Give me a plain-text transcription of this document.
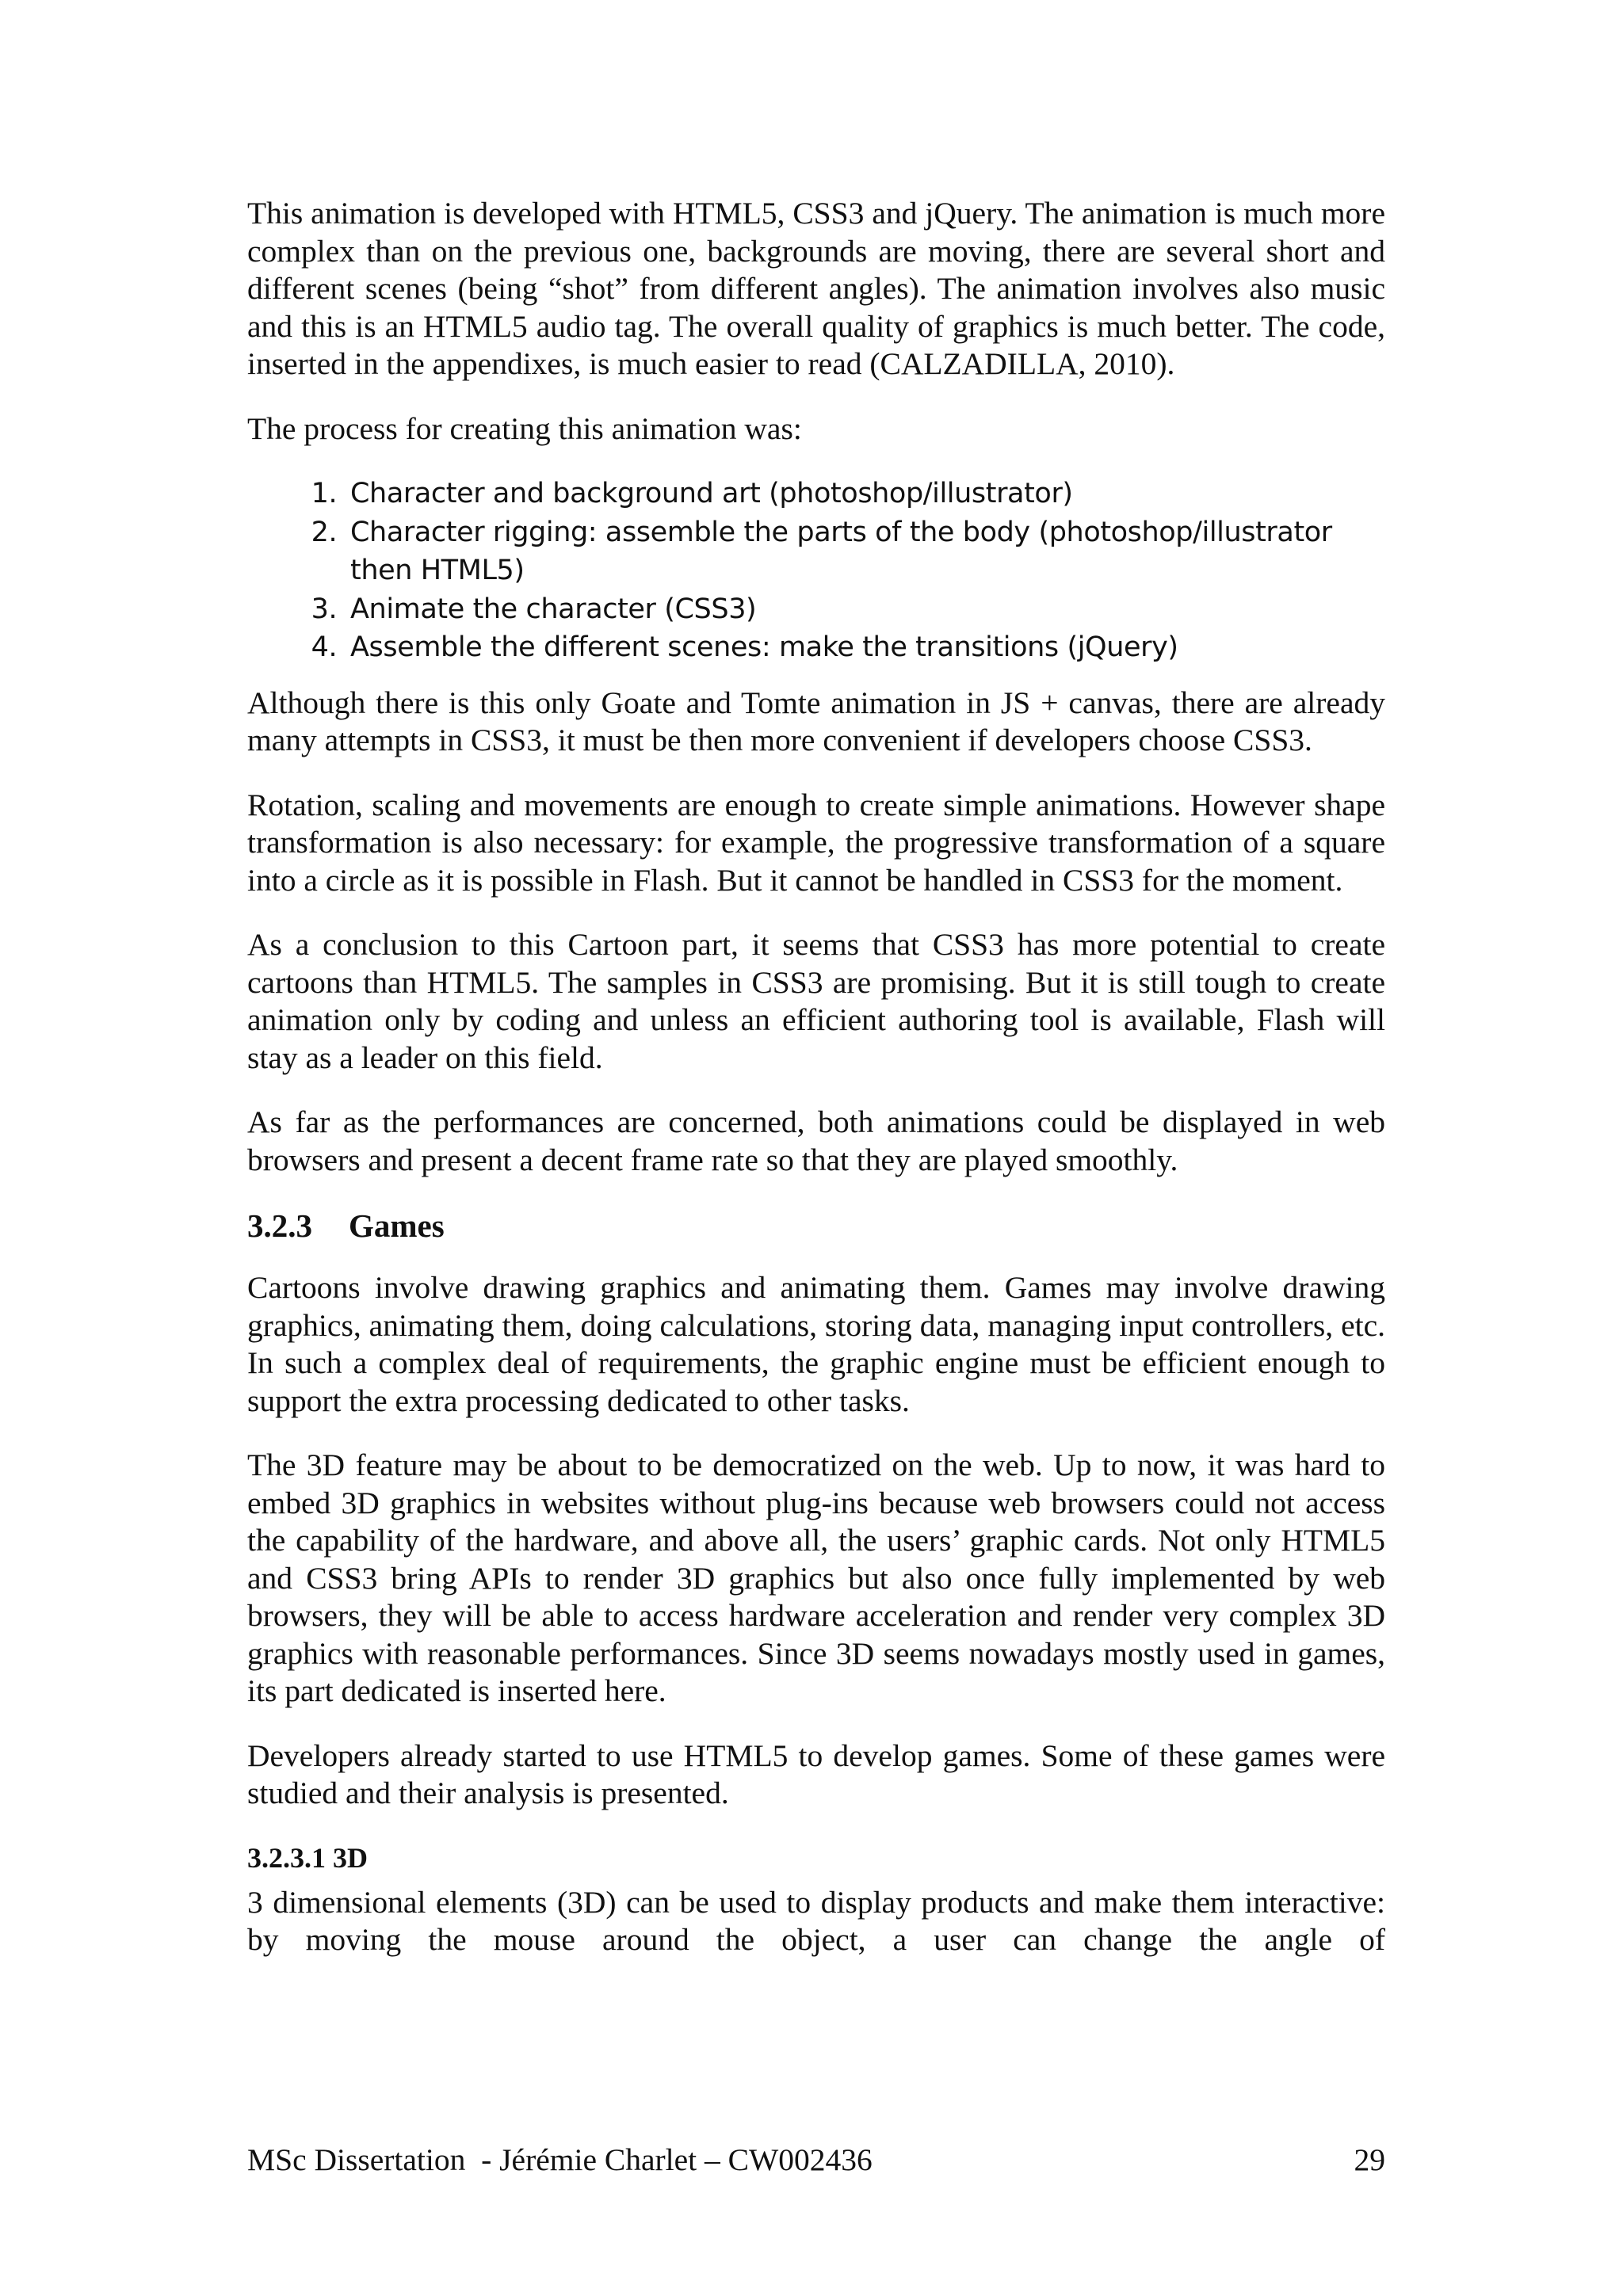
This animation is developed with HTML5, CSS3 and jQuery. The animation is much more complex than on the previous one, backgrounds are moving, there are several short and different scenes (being “shot” from different angles). The animation involves also music and this is an HTML5 audio tag. The overall quality of graphics is much better. The code, inserted in the appendixes, is much easier to read (CALZADILLA, 2010).

The process for creating this animation was:

1. Character and background art (photoshop/illustrator)
2. Character rigging: assemble the parts of the body (photoshop/illustrator then HTML5)
3. Animate the character (CSS3)
4. Assemble the different scenes: make the transitions (jQuery)

Although there is this only Goate and Tomte animation in JS + canvas, there are already many attempts in CSS3, it must be then more convenient if developers choose CSS3.

Rotation, scaling and movements are enough to create simple animations. However shape transformation is also necessary: for example, the progressive transformation of a square into a circle as it is possible in Flash. But it cannot be handled in CSS3 for the moment.

As a conclusion to this Cartoon part, it seems that CSS3 has more potential to create cartoons than HTML5. The samples in CSS3 are promising. But it is still tough to create animation only by coding and unless an efficient authoring tool is available, Flash will stay as a leader on this field.

As far as the performances are concerned, both animations could be displayed in web browsers and present a decent frame rate so that they are played smoothly.

3.2.3 Games

Cartoons involve drawing graphics and animating them. Games may involve drawing graphics, animating them, doing calculations, storing data, managing input controllers, etc. In such a complex deal of requirements, the graphic engine must be efficient enough to support the extra processing dedicated to other tasks.

The 3D feature may be about to be democratized on the web. Up to now, it was hard to embed 3D graphics in websites without plug-ins because web browsers could not access the capability of the hardware, and above all, the users’ graphic cards. Not only HTML5 and CSS3 bring APIs to render 3D graphics but also once fully implemented by web browsers, they will be able to access hardware acceleration and render very complex 3D graphics with reasonable performances. Since 3D seems nowadays mostly used in games, its part dedicated is inserted here.

Developers already started to use HTML5 to develop games. Some of these games were studied and their analysis is presented.

3.2.3.1 3D

3 dimensional elements (3D) can be used to display products and make them interactive: by moving the mouse around the object, a user can change the angle of

MSc Dissertation  - Jérémie Charlet – CW002436	29
